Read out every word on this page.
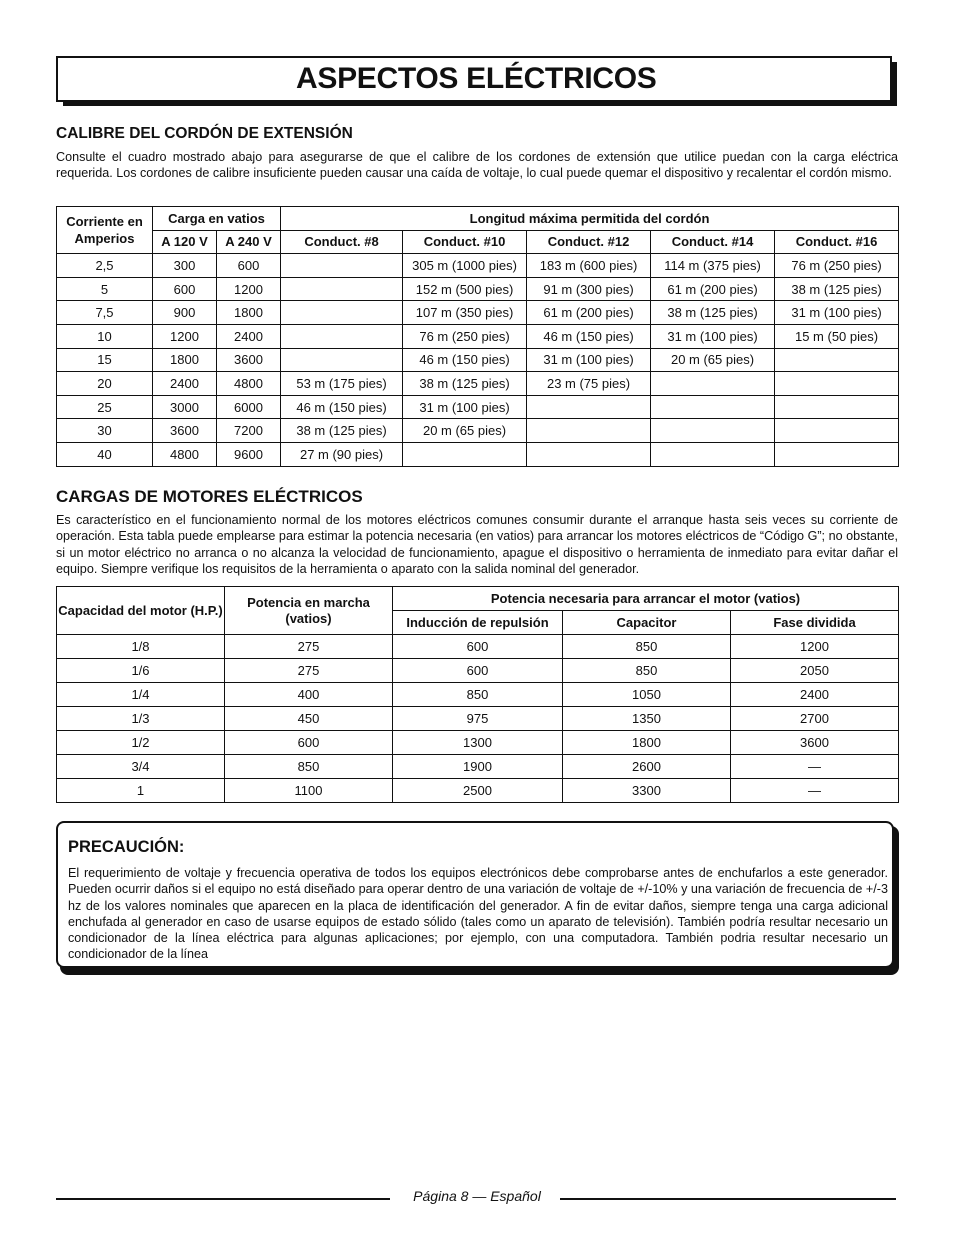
ASPECTOS ELÉCTRICOS
CALIBRE DEL CORDÓN DE EXTENSIÓN

Consulte el cuadro mostrado abajo para asegurarse de que el calibre de los cordones de extensión que utilice puedan con la carga eléctrica requerida. Los cordones de calibre insuficiente pueden causar una caída de voltaje, lo cual puede quemar el dispositivo y recalentar el cordón mismo.

Corriente en Amperios	Carga en vatios		Longitud máxima permitida del cordón				
	A 120 V	A 240 V	Conduct. #8	Conduct. #10	Conduct. #12	Conduct. #14	Conduct. #16
2,5	300	600		305 m (1000 pies)	183 m (600 pies)	114 m (375 pies)	76 m (250 pies)
5	600	1200		152 m (500 pies)	91 m (300 pies)	61 m (200 pies)	38 m (125 pies)
7,5	900	1800		107 m (350 pies)	61 m (200 pies)	38 m (125 pies)	31 m (100 pies)
10	1200	2400		76 m (250 pies)	46 m (150 pies)	31 m (100 pies)	15 m (50 pies)
15	1800	3600		46 m (150 pies)	31 m (100 pies)	20 m (65 pies)	
20	2400	4800	53 m (175 pies)	38 m (125 pies)	23 m (75 pies)		
25	3000	6000	46 m (150 pies)	31 m (100 pies)			
30	3600	7200	38 m (125 pies)	20 m (65 pies)			
40	4800	9600	27 m (90 pies)				
CARGAS DE MOTORES ELÉCTRICOS

Es característico en el funcionamiento normal de los motores eléctricos comunes consumir durante el arranque hasta seis veces su corriente de operación. Esta tabla puede emplearse para estimar la potencia necesaria (en vatios) para arrancar los motores eléctricos de “Código G”; no obstante, si un motor eléctrico no arranca o no alcanza la velocidad de funcionamiento, apague el dispositivo o herramienta de inmediato para evitar dañar el equipo. Siempre verifique los requisitos de la herramienta o aparato con la salida nominal del generador.

Capacidad del motor (H.P.)	Potencia en marcha (vatios)	Potencia necesaria para arrancar el motor (vatios)		
		Inducción de repulsión	Capacitor	Fase dividida
1/8	275	600	850	1200
1/6	275	600	850	2050
1/4	400	850	1050	2400
1/3	450	975	1350	2700
1/2	600	1300	1800	3600
3/4	850	1900	2600	—
1	1100	2500	3300	—
PRECAUCIÓN:

El requerimiento de voltaje y frecuencia operativa de todos los equipos electrónicos debe comprobarse antes de enchufarlos a este generador. Pueden ocurrir daños si el equipo no está diseñado para operar dentro de una variación de voltaje de +/-10% y una variación de frecuencia de +/-3 hz de los valores nominales que aparecen en la placa de identificación del generador. A fin de evitar daños, siempre tenga una carga adicional enchufada al generador en caso de usarse equipos de estado sólido (tales como un aparato de televisión). También podría resultar necesario un condicionador de la línea eléctrica para algunas aplicaciones; por ejemplo, con una computadora. También podria resultar necesario un condicionador de la línea

Página 8 — Español
